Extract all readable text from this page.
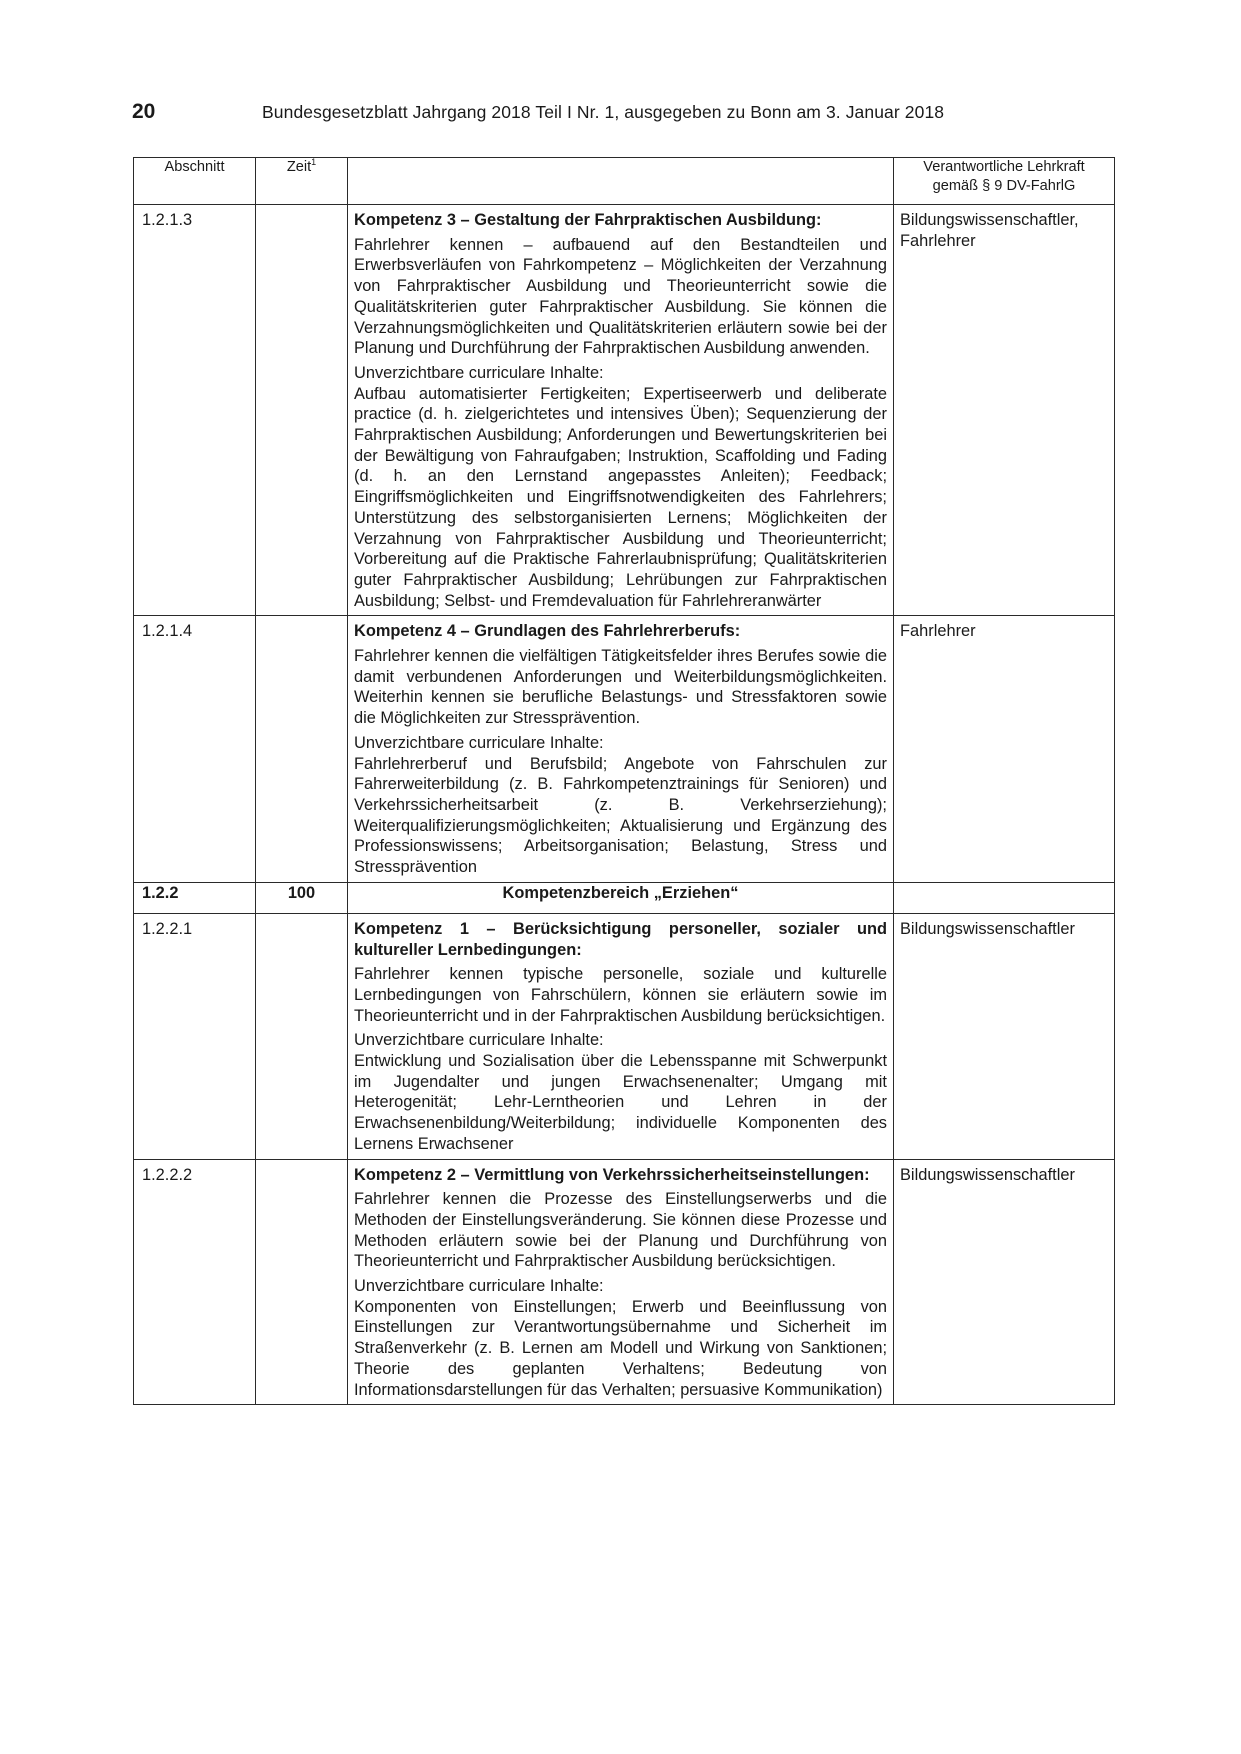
20	Bundesgesetzblatt Jahrgang 2018 Teil I Nr. 1, ausgegeben zu Bonn am 3. Januar 2018
Abschnitt	Zeit$^1$		Verantwortliche Lehrkraft
gemäß § 9 DV-FahrlG
1.2.1.3		Kompetenz 3 – Gestaltung der Fahrpraktischen Ausbildung:
Fahrlehrer kennen – aufbauend auf den Bestandteilen und Erwerbsverläufen von Fahrkompetenz – Möglichkeiten der Verzahnung von Fahrpraktischer Ausbildung und Theorieunterricht sowie die Qualitätskriterien guter Fahrpraktischer Ausbildung. Sie können die Verzahnungsmöglichkeiten und Qualitätskriterien erläutern sowie bei der Planung und Durchführung der Fahrpraktischen Ausbildung anwenden.
Unverzichtbare curriculare Inhalte:
Aufbau automatisierter Fertigkeiten; Expertiseerwerb und deliberate practice (d. h. zielgerichtetes und intensives Üben); Sequenzierung der Fahrpraktischen Ausbildung; Anforderungen und Bewertungskriterien bei der Bewältigung von Fahraufgaben; Instruktion, Scaffolding und Fading (d. h. an den Lernstand angepasstes Anleiten); Feedback; Eingriffsmöglichkeiten und Eingriffsnotwendigkeiten des Fahrlehrers; Unterstützung des selbstorganisierten Lernens; Möglichkeiten der Verzahnung von Fahrpraktischer Ausbildung und Theorieunterricht; Vorbereitung auf die Praktische Fahrerlaubnisprüfung; Qualitätskriterien guter Fahrpraktischer Ausbildung; Lehrübungen zur Fahrpraktischen Ausbildung; Selbst- und Fremdevaluation für Fahrlehreranwärter	Bildungswissenschaftler, Fahrlehrer
1.2.1.4		Kompetenz 4 – Grundlagen des Fahrlehrerberufs:
Fahrlehrer kennen die vielfältigen Tätigkeitsfelder ihres Berufes sowie die damit verbundenen Anforderungen und Weiterbildungsmöglichkeiten. Weiterhin kennen sie berufliche Belastungs- und Stressfaktoren sowie die Möglichkeiten zur Stressprävention.
Unverzichtbare curriculare Inhalte:
Fahrlehrerberuf und Berufsbild; Angebote von Fahrschulen zur Fahrerweiterbildung (z. B. Fahrkompetenztrainings für Senioren) und Verkehrssicherheitsarbeit (z. B. Verkehrserziehung); Weiterqualifizierungsmöglichkeiten; Aktualisierung und Ergänzung des Professionswissens; Arbeitsorganisation; Belastung, Stress und Stressprävention	Fahrlehrer
1.2.2	100	Kompetenzbereich „Erziehen“	
1.2.2.1		Kompetenz 1 – Berücksichtigung personeller, sozialer und kultureller Lernbedingungen:
Fahrlehrer kennen typische personelle, soziale und kulturelle Lernbedingungen von Fahrschülern, können sie erläutern sowie im Theorieunterricht und in der Fahrpraktischen Ausbildung berücksichtigen.
Unverzichtbare curriculare Inhalte:
Entwicklung und Sozialisation über die Lebensspanne mit Schwerpunkt im Jugendalter und jungen Erwachsenenalter; Umgang mit Heterogenität; Lehr-Lerntheorien und Lehren in der Erwachsenenbildung/Weiterbildung; individuelle Komponenten des Lernens Erwachsener	Bildungswissenschaftler
1.2.2.2		Kompetenz 2 – Vermittlung von Verkehrssicherheitseinstellungen:
Fahrlehrer kennen die Prozesse des Einstellungserwerbs und die Methoden der Einstellungsveränderung. Sie können diese Prozesse und Methoden erläutern sowie bei der Planung und Durchführung von Theorieunterricht und Fahrpraktischer Ausbildung berücksichtigen.
Unverzichtbare curriculare Inhalte:
Komponenten von Einstellungen; Erwerb und Beeinflussung von Einstellungen zur Verantwortungsübernahme und Sicherheit im Straßenverkehr (z. B. Lernen am Modell und Wirkung von Sanktionen; Theorie des geplanten Verhaltens; Bedeutung von Informationsdarstellungen für das Verhalten; persuasive Kommunikation)	Bildungswissenschaftler
